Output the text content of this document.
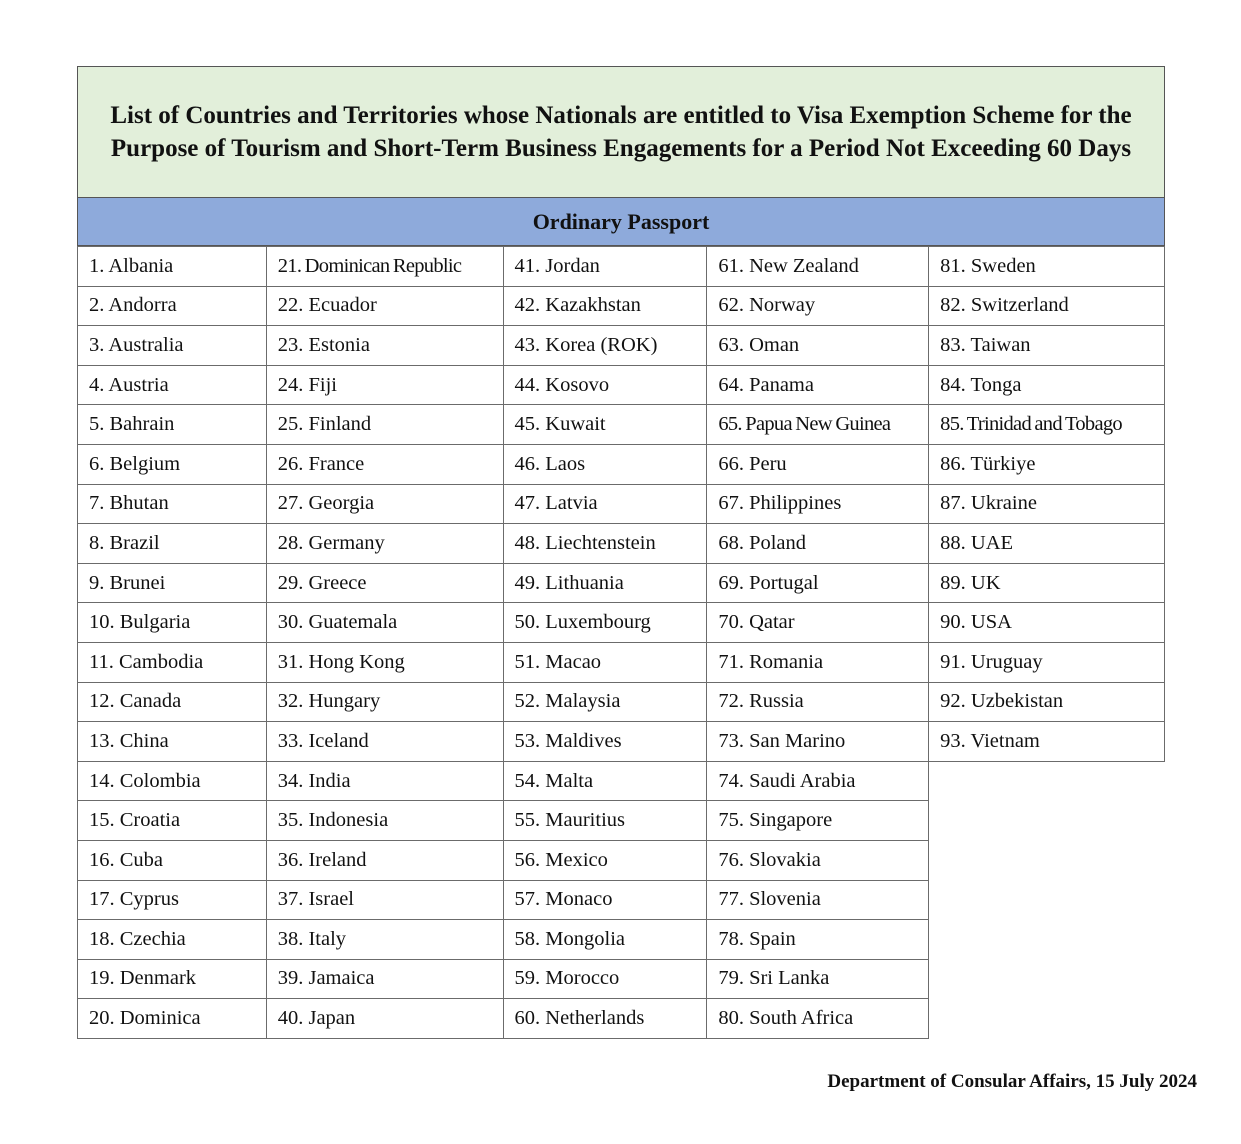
List of Countries and Territories whose Nationals are entitled to Visa Exemption Scheme for the Purpose of Tourism and Short-Term Business Engagements for a Period Not Exceeding 60 Days
Ordinary Passport
1. Albania	21. Dominican Republic	41. Jordan	61. New Zealand	81. Sweden
2. Andorra	22. Ecuador	42. Kazakhstan	62. Norway	82. Switzerland
3. Australia	23. Estonia	43. Korea (ROK)	63. Oman	83. Taiwan
4. Austria	24. Fiji	44. Kosovo	64. Panama	84. Tonga
5. Bahrain	25. Finland	45. Kuwait	65. Papua New Guinea	85. Trinidad and Tobago
6. Belgium	26. France	46. Laos	66. Peru	86. Türkiye
7. Bhutan	27. Georgia	47. Latvia	67. Philippines	87. Ukraine
8. Brazil	28. Germany	48. Liechtenstein	68. Poland	88. UAE
9. Brunei	29. Greece	49. Lithuania	69. Portugal	89. UK
10. Bulgaria	30. Guatemala	50. Luxembourg	70. Qatar	90. USA
11. Cambodia	31. Hong Kong	51. Macao	71. Romania	91. Uruguay
12. Canada	32. Hungary	52. Malaysia	72. Russia	92. Uzbekistan
13. China	33. Iceland	53. Maldives	73. San Marino	93. Vietnam
14. Colombia	34. India	54. Malta	74. Saudi Arabia	
15. Croatia	35. Indonesia	55. Mauritius	75. Singapore	
16. Cuba	36. Ireland	56. Mexico	76. Slovakia	
17. Cyprus	37. Israel	57. Monaco	77. Slovenia	
18. Czechia	38. Italy	58. Mongolia	78. Spain	
19. Denmark	39. Jamaica	59. Morocco	79. Sri Lanka	
20. Dominica	40. Japan	60. Netherlands	80. South Africa	
Department of Consular Affairs, 15 July 2024
